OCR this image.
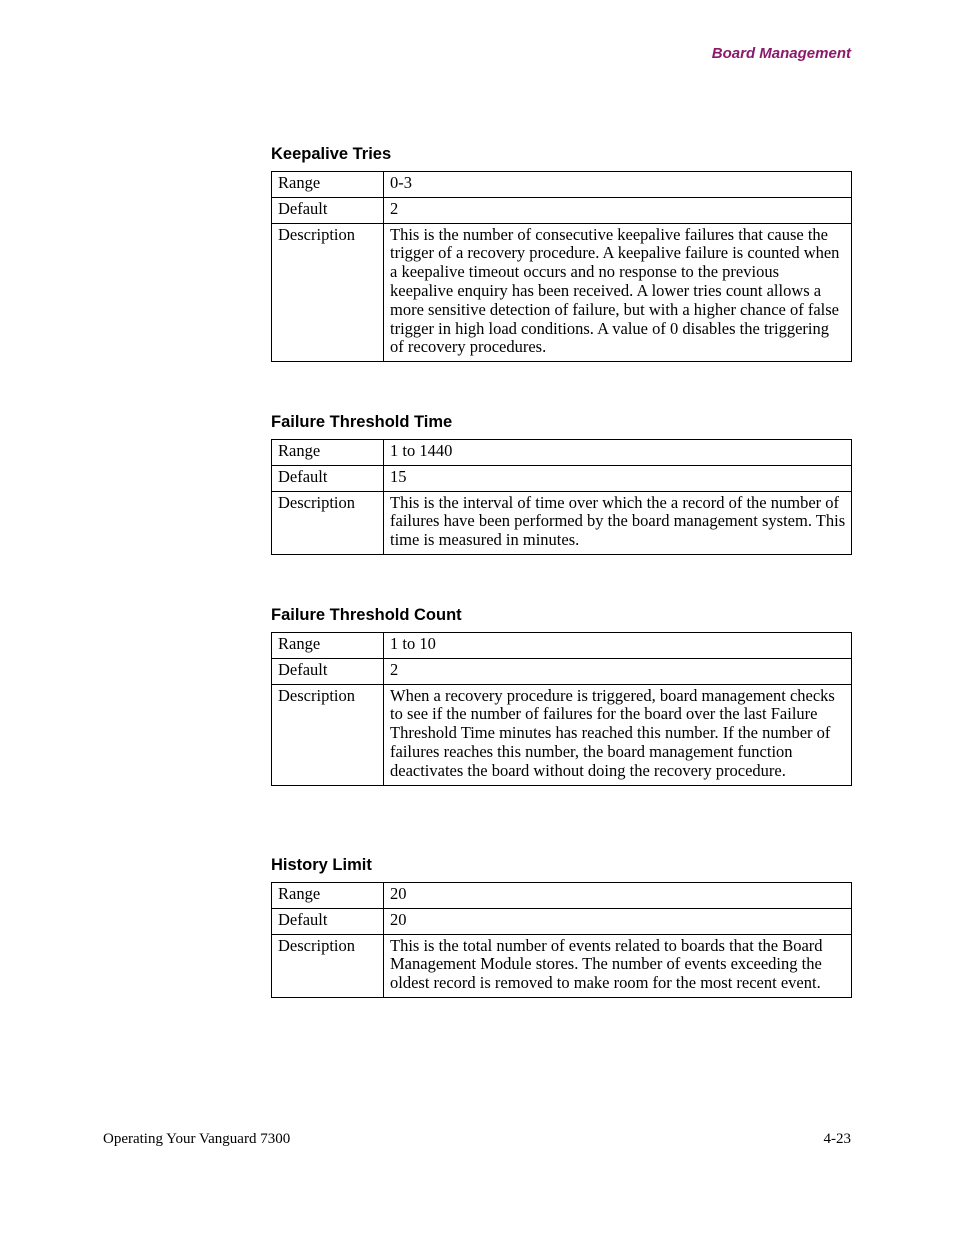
Board Management
Keepalive Tries
Range	0-3
Default	2
Description	This is the number of consecutive keepalive failures that cause the trigger of a recovery procedure. A keepalive failure is counted when a keepalive timeout occurs and no response to the previous keepalive enquiry has been received. A lower tries count allows a more sensitive detection of failure, but with a higher chance of false trigger in high load conditions. A value of 0 disables the triggering of recovery procedures.
Failure Threshold Time
Range	1 to 1440
Default	15
Description	This is the interval of time over which the a record of the number of failures have been performed by the board management system. This time is measured in minutes.
Failure Threshold Count
Range	1 to 10
Default	2
Description	When a recovery procedure is triggered, board management checks to see if the number of failures for the board over the last Failure Threshold Time minutes has reached this number. If the number of failures reaches this number, the board management function deactivates the board without doing the recovery procedure.
History Limit
Range	20
Default	20
Description	This is the total number of events related to boards that the Board Management Module stores. The number of events exceeding the oldest record is removed to make room for the most recent event.
Operating Your Vanguard 7300	4-23
